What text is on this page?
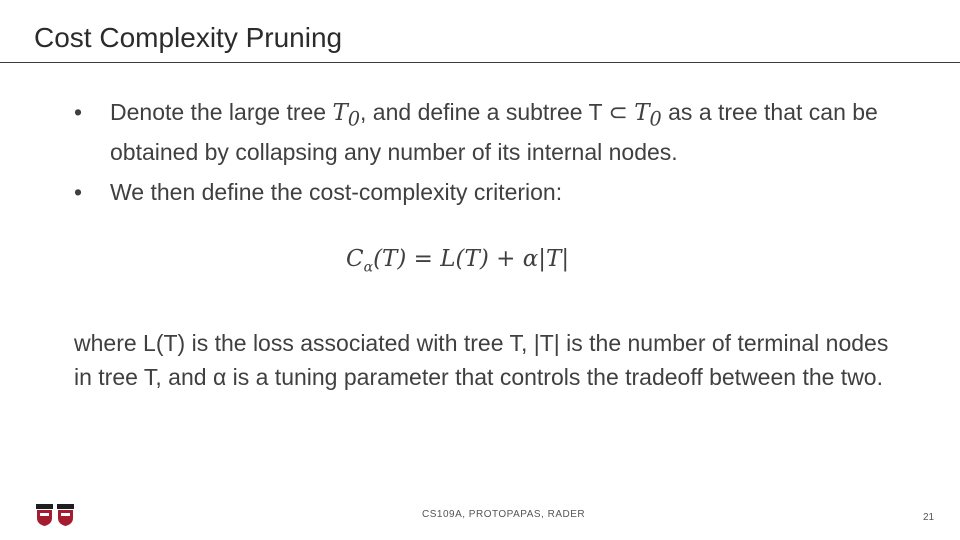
Cost Complexity Pruning
• Denote the large tree $T_0$, and define a subtree T ⊂ $T_0$ as a tree that can be obtained by collapsing any number of its internal nodes.
• We then define the cost-complexity criterion:
$C_\alpha(T) = L(T) + \alpha|T|$

where L(T) is the loss associated with tree T, |T| is the number of terminal nodes in tree T, and α is a tuning parameter that controls the tradeoff between the two.

CS109A, PROTOPAPAS, RADER	21
